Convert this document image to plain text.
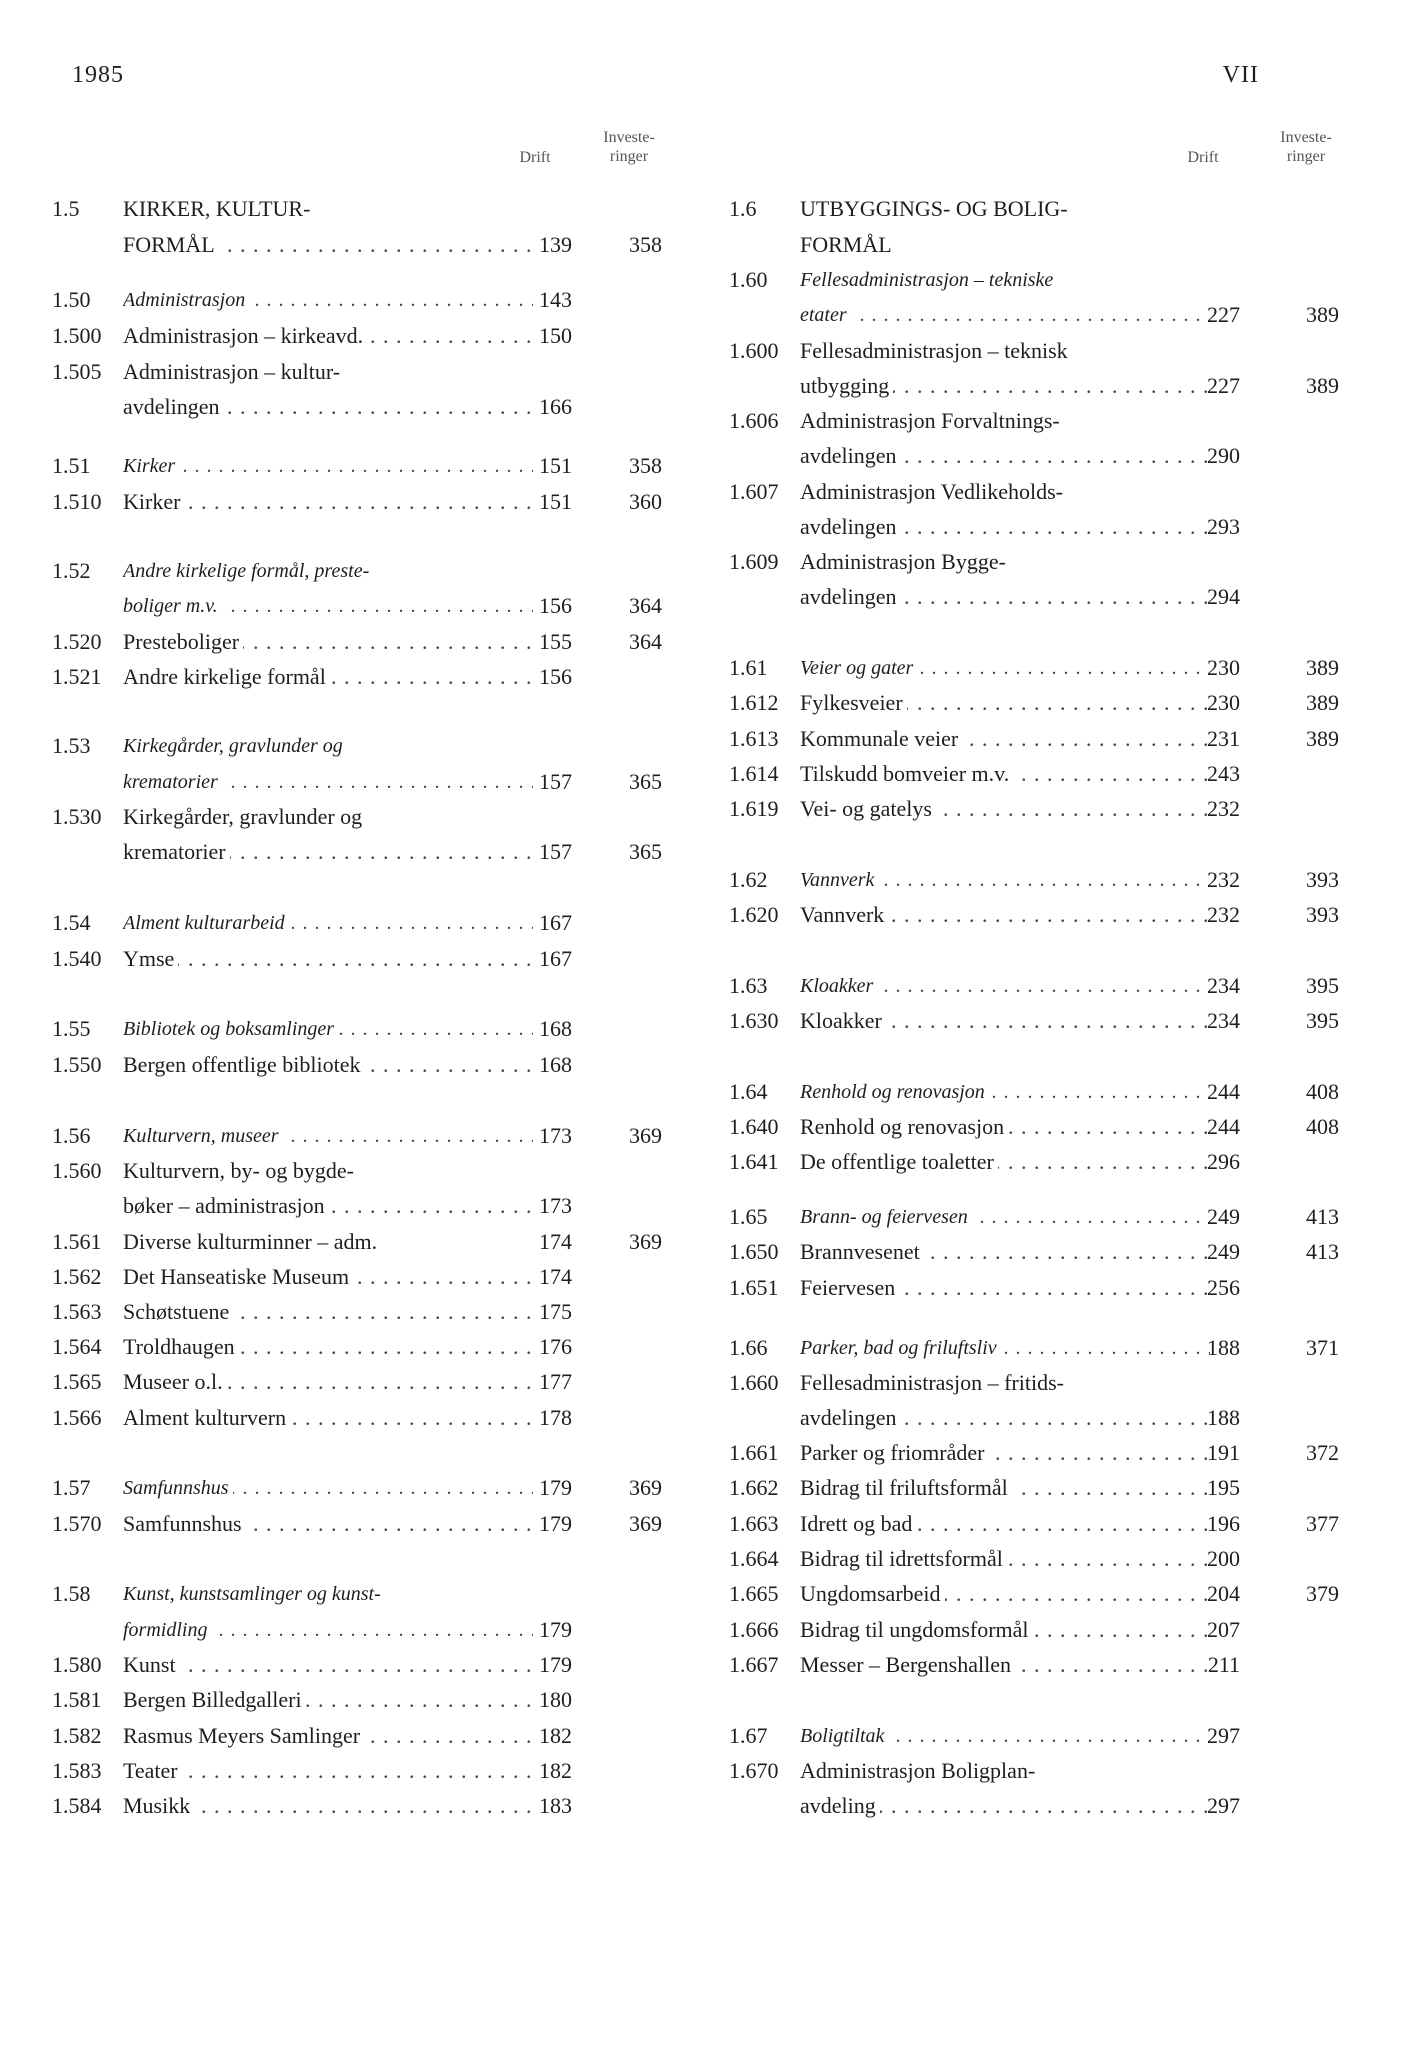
1985	VII
Drift
Investe-
ringer
1.5 KIRKER, KULTUR-
FORMÅL . . .	139	358
1.50 Administrasjon . . .	143
1.500 Administrasjon – kirkeavd. . . .	150
1.505 Administrasjon – kultur-
avdelingen . . .	166
1.51 Kirker . . .	151	358
1.510 Kirker . . .	151	360
1.52 Andre kirkelige formål, preste-
boliger m.v. . . .	156	364
1.520 Presteboliger . . .	155	364
1.521 Andre kirkelige formål . . .	156
1.53 Kirkegårder, gravlunder og
krematorier . . .	157	365
1.530 Kirkegårder, gravlunder og
krematorier . . .	157	365
1.54 Alment kulturarbeid . . .	167
1.540 Ymse . . .	167
1.55 Bibliotek og boksamlinger . . .	168
1.550 Bergen offentlige bibliotek . . .	168
1.56 Kulturvern, museer . . .	173	369
1.560 Kulturvern, by- og bygde-
bøker – administrasjon . . .	173
1.561 Diverse kulturminner – adm.	174	369
1.562 Det Hanseatiske Museum . . .	174
1.563 Schøtstuene . . .	175
1.564 Troldhaugen . . .	176
1.565 Museer o.l. . . .	177
1.566 Alment kulturvern . . .	178
1.57 Samfunnshus . . .	179	369
1.570 Samfunnshus . . .	179	369
1.58 Kunst, kunstsamlinger og kunst-
formidling . . .	179
1.580 Kunst . . .	179
1.581 Bergen Billedgalleri . . .	180
1.582 Rasmus Meyers Samlinger . . .	182
1.583 Teater . . .	182
1.584 Musikk . . .	183
Drift
Investe-
ringer
1.6 UTBYGGINGS- OG BOLIG-
FORMÅL
1.60 Fellesadministrasjon – tekniske
etater . . .	227	389
1.600 Fellesadministrasjon – teknisk
utbygging . . .	227	389
1.606 Administrasjon Forvaltnings-
avdelingen . . .	290
1.607 Administrasjon Vedlikeholds-
avdelingen . . .	293
1.609 Administrasjon Bygge-
avdelingen . . .	294
1.61 Veier og gater . . .	230	389
1.612 Fylkesveier . . .	230	389
1.613 Kommunale veier . . .	231	389
1.614 Tilskudd bomveier m.v. . . .	243
1.619 Vei- og gatelys . . .	232
1.62 Vannverk . . .	232	393
1.620 Vannverk . . .	232	393
1.63 Kloakker . . .	234	395
1.630 Kloakker . . .	234	395
1.64 Renhold og renovasjon . . .	244	408
1.640 Renhold og renovasjon . . .	244	408
1.641 De offentlige toaletter . . .	296
1.65 Brann- og feiervesen . . .	249	413
1.650 Brannvesenet . . .	249	413
1.651 Feiervesen . . .	256
1.66 Parker, bad og friluftsliv . . .	188	371
1.660 Fellesadministrasjon – fritids-
avdelingen . . .	188
1.661 Parker og friområder . . .	191	372
1.662 Bidrag til friluftsformål . . .	195
1.663 Idrett og bad . . .	196	377
1.664 Bidrag til idrettsformål . . .	200
1.665 Ungdomsarbeid . . .	204	379
1.666 Bidrag til ungdomsformål . . .	207
1.667 Messer – Bergenshallen . . .	211
1.67 Boligtiltak . . .	297
1.670 Administrasjon Boligplan-
avdeling . . .	297
